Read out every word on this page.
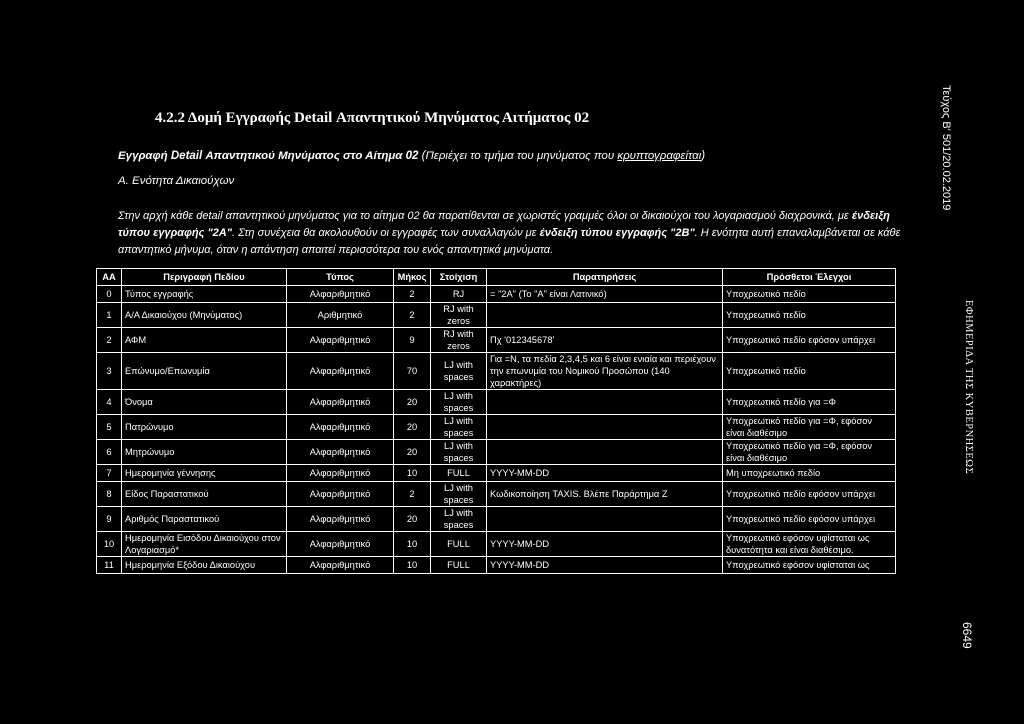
4.2.2 Δομή Εγγραφής Detail Απαντητικού Μηνύματος Αιτήματος 02
Εγγραφή Detail Απαντητικού Μηνύματος στο Αίτημα 02 (Περιέχει το τμήμα του μηνύματος που κρυπτογραφείται)
Α. Ενότητα Δικαιούχων
Στην αρχή κάθε detail απαντητικού μηνύματος για το αίτημα 02 θα παρατίθενται σε χωριστές γραμμές όλοι οι δικαιούχοι του λογαριασμού διαχρονικά, με ένδειξη τύπου εγγραφής "2Α". Στη συνέχεια θα ακολουθούν οι εγγραφές των συναλλαγών με ένδειξη τύπου εγγραφής "2Β". Η ενότητα αυτή επαναλαμβάνεται σε κάθε απαντητικό μήνυμα, όταν η απάντηση απαιτεί περισσότερα του ενός απαντητικά μηνύματα.
Τεύχος Β' 501/20.02.2019
ΕΦΗΜΕΡΙΔΑ ΤΗΣ ΚΥΒΕΡΝΗΣΕΩΣ
6649
ΑΑ	Περιγραφή Πεδίου	Τύπος	Μήκος	Στοίχιση	Παρατηρήσεις	Πρόσθετοι Έλεγχοι
0	Τύπος εγγραφής	Αλφαριθμητικό	2	RJ	= "2A" (Το "A" είναι Λατινικό)	Υποχρεωτικό πεδίο
1	Α/Α Δικαιούχου (Μηνύματος)	Αριθμητικό	2	RJ with zeros		Υποχρεωτικό πεδίο
2	ΑΦΜ	Αλφαριθμητικό	9	RJ with zeros	Πχ '012345678'	Υποχρεωτικό πεδίο εφόσον υπάρχει
3	Επώνυμο/Επωνυμία	Αλφαριθμητικό	70	LJ with spaces	Για =Ν, τα πεδία 2,3,4,5 και 6 είναι ενιαία και περιέχουν την επωνυμία του Νομικού Προσώπου (140 χαρακτήρες)	Υποχρεωτικό πεδίο
4	Όνομα	Αλφαριθμητικό	20	LJ with spaces		Υποχρεωτικό πεδίο για =Φ
5	Πατρώνυμο	Αλφαριθμητικό	20	LJ with spaces		Υποχρεωτικό πεδίο για =Φ, εφόσον είναι διαθέσιμο
6	Μητρώνυμο	Αλφαριθμητικό	20	LJ with spaces		Υποχρεωτικό πεδίο για =Φ, εφόσον είναι διαθέσιμο
7	Ημερομηνία γέννησης	Αλφαριθμητικό	10	FULL	YYYY-MM-DD	Μη υποχρεωτικό πεδίο
8	Είδος Παραστατικού	Αλφαριθμητικό	2	LJ with spaces	Κωδικοποίηση TAXIS. Βλέπε Παράρτημα Ζ	Υποχρεωτικό πεδίο εφόσον υπάρχει
9	Αριθμός Παραστατικού	Αλφαριθμητικό	20	LJ with spaces		Υποχρεωτικό πεδίο εφόσον υπάρχει
10	Ημερομηνία Εισόδου Δικαιούχου στον Λογαριασμό*	Αλφαριθμητικό	10	FULL	YYYY-MM-DD	Υποχρεωτικό εφόσον υφίσταται ως δυνατότητα και είναι διαθέσιμο.
11	Ημερομηνία Εξόδου Δικαιούχου	Αλφαριθμητικό	10	FULL	YYYY-MM-DD	Υποχρεωτικό εφόσον υφίσταται ως
